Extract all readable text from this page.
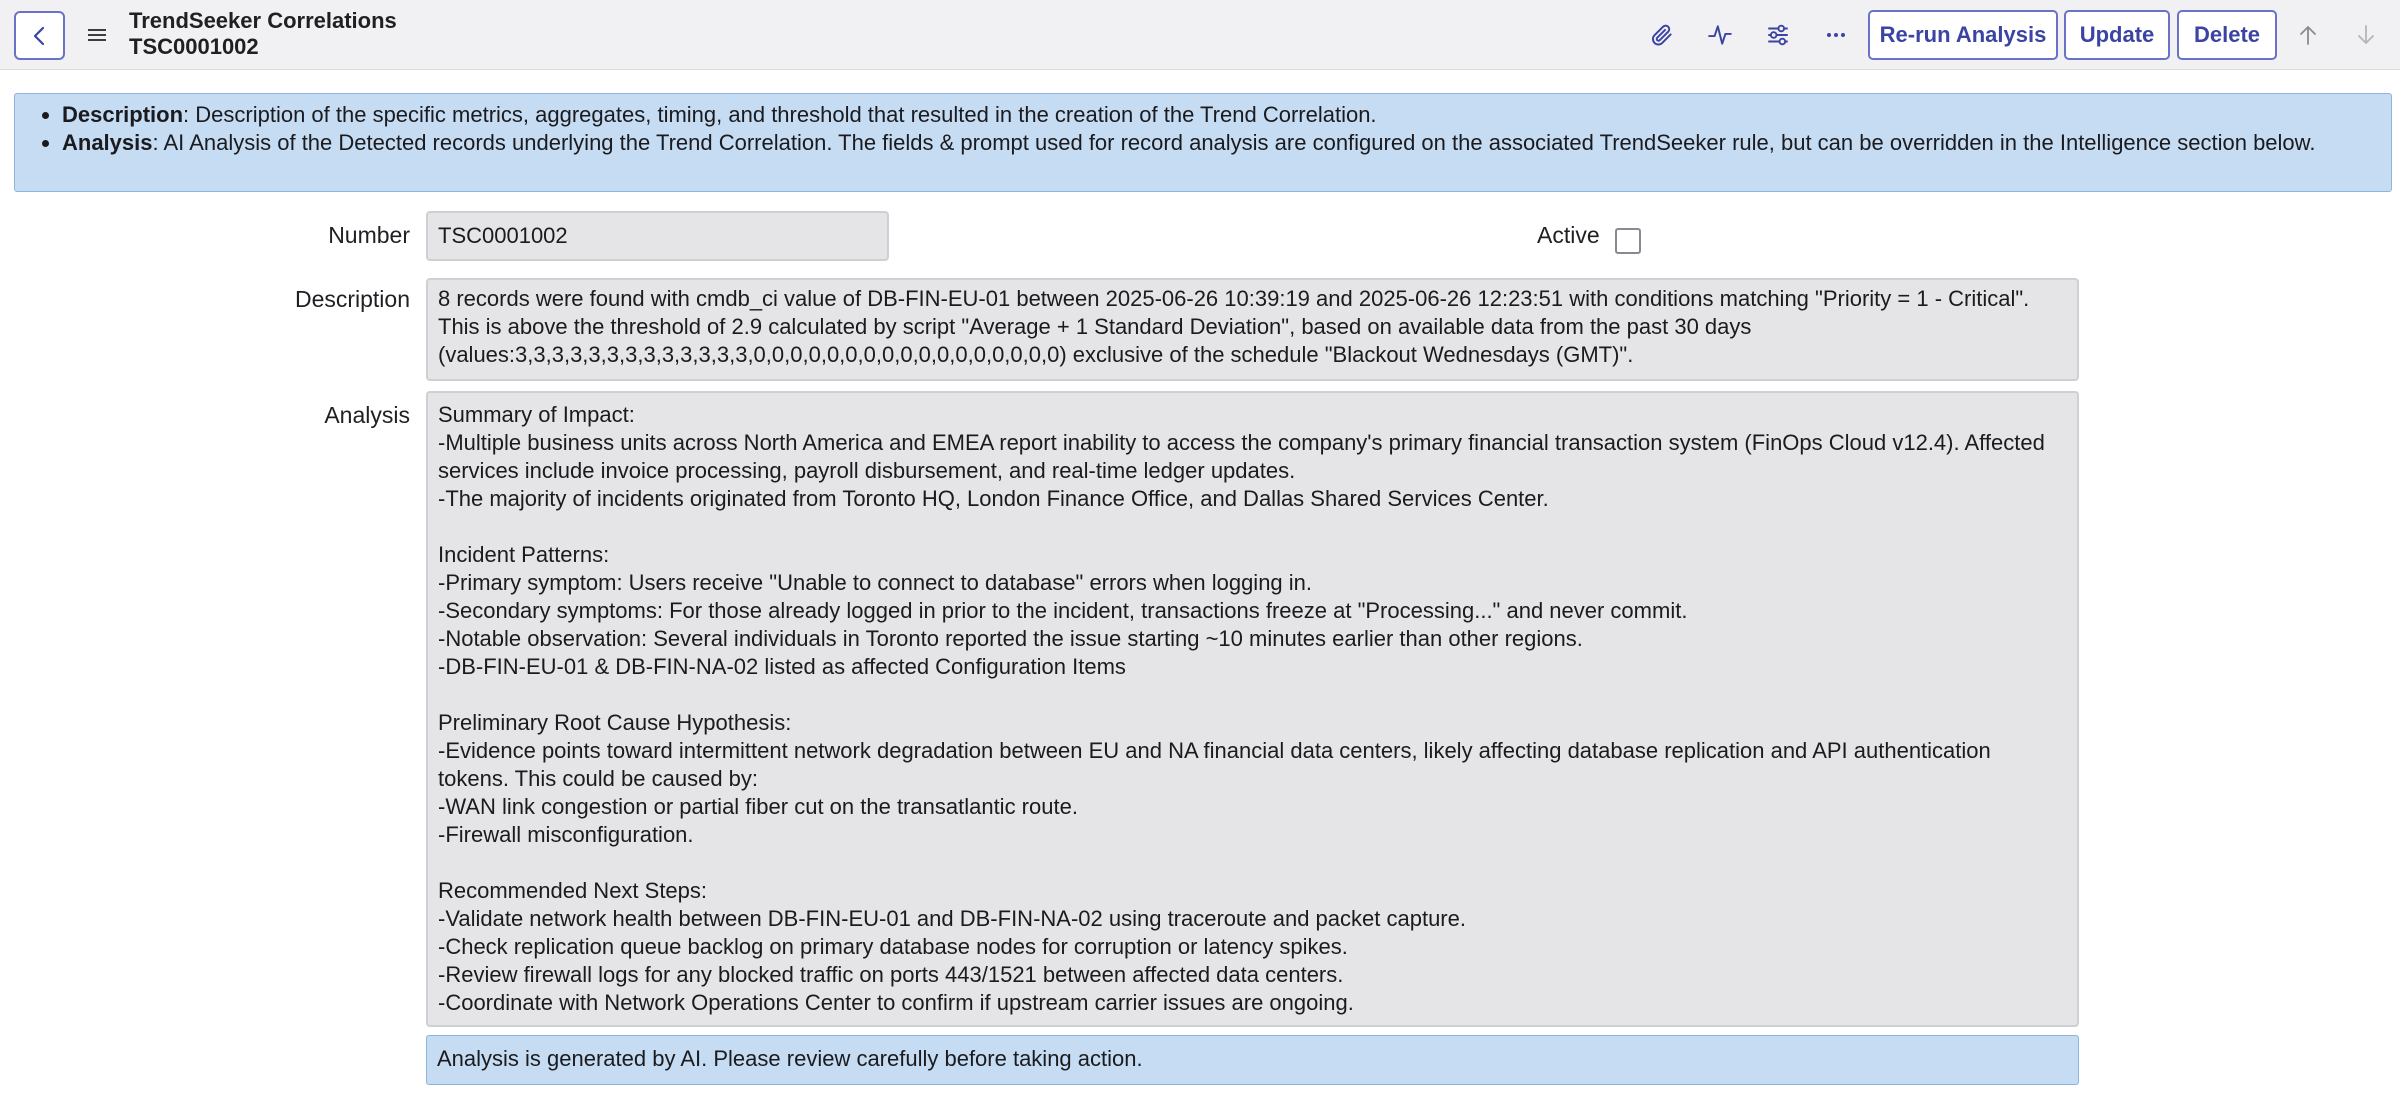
TrendSeeker Correlations
TSC0001002	Re-run Analysis	Update	Delete
• Description: Description of the specific metrics, aggregates, timing, and threshold that resulted in the creation of the Trend Correlation.
• Analysis: AI Analysis of the Detected records underlying the Trend Correlation. The fields & prompt used for record analysis are configured on the associated TrendSeeker rule, but can be overridden in the Intelligence section below.
Number	TSC0001002	Active
Description 8 records were found with cmdb_ci value of DB-FIN-EU-01 between 2025-06-26 10:39:19 and 2025-06-26 12:23:51 with conditions matching "Priority = 1 - Critical".
This is above the threshold of 2.9 calculated by script "Average + 1 Standard Deviation", based on available data from the past 30 days
(values:3,3,3,3,3,3,3,3,3,3,3,3,3,0,0,0,0,0,0,0,0,0,0,0,0,0,0,0,0,0) exclusive of the schedule "Blackout Wednesdays (GMT)".
Analysis Summary of Impact:
-Multiple business units across North America and EMEA report inability to access the company's primary financial transaction system (FinOps Cloud v12.4). Affected
services include invoice processing, payroll disbursement, and real-time ledger updates.
-The majority of incidents originated from Toronto HQ, London Finance Office, and Dallas Shared Services Center.
Incident Patterns:
-Primary symptom: Users receive "Unable to connect to database" errors when logging in.
-Secondary symptoms: For those already logged in prior to the incident, transactions freeze at "Processing..." and never commit.
-Notable observation: Several individuals in Toronto reported the issue starting ~10 minutes earlier than other regions.
-DB-FIN-EU-01 & DB-FIN-NA-02 listed as affected Configuration Items
Preliminary Root Cause Hypothesis:
-Evidence points toward intermittent network degradation between EU and NA financial data centers, likely affecting database replication and API authentication
tokens. This could be caused by:
-WAN link congestion or partial fiber cut on the transatlantic route.
-Firewall misconfiguration.
Recommended Next Steps:
-Validate network health between DB-FIN-EU-01 and DB-FIN-NA-02 using traceroute and packet capture.
-Check replication queue backlog on primary database nodes for corruption or latency spikes.
-Review firewall logs for any blocked traffic on ports 443/1521 between affected data centers.
-Coordinate with Network Operations Center to confirm if upstream carrier issues are ongoing.
Analysis is generated by AI. Please review carefully before taking action.
